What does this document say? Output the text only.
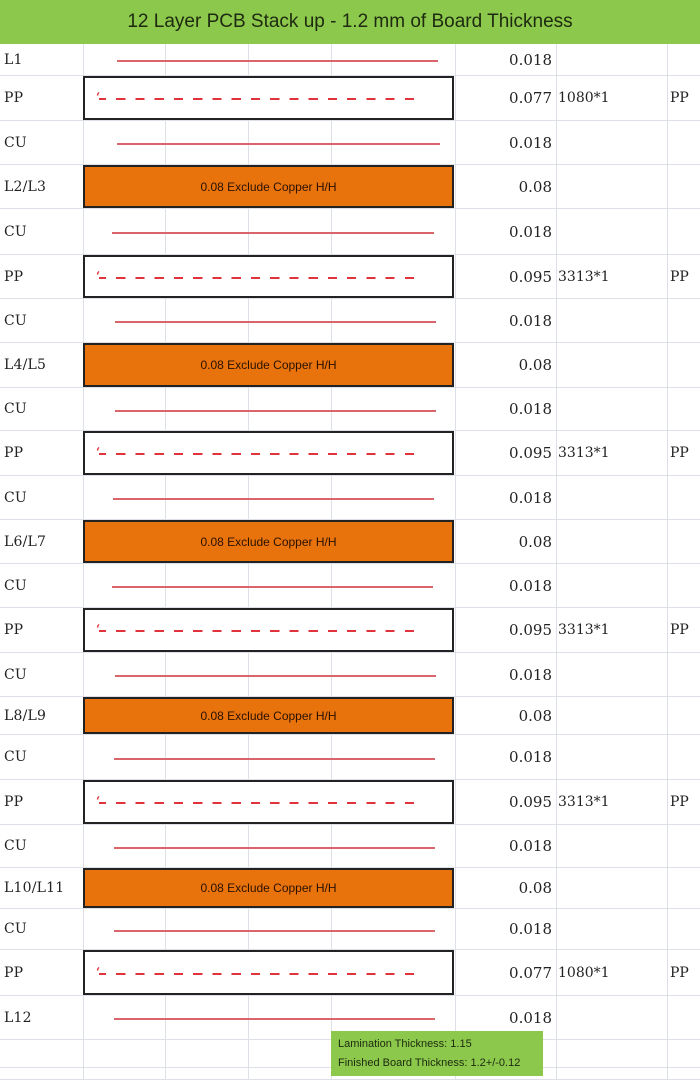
12 Layer PCB Stack up - 1.2 mm of Board Thickness
L1	0.018
PP	‘	0.077 1080*1	PP
CU	0.018
L2/L3	0.08 Exclude Copper H/H	0.08
CU	0.018
PP	‘	0.095 3313*1	PP
CU	0.018
L4/L5	0.08 Exclude Copper H/H	0.08
CU	0.018
PP	‘	0.095 3313*1	PP
CU	0.018
L6/L7	0.08 Exclude Copper H/H	0.08
CU	0.018
PP	‘	0.095 3313*1	PP
CU	0.018
L8/L9	0.08 Exclude Copper H/H	0.08
CU	0.018
PP	‘	0.095 3313*1	PP
CU	0.018
L10/L11	0.08 Exclude Copper H/H	0.08
CU	0.018
PP	‘	0.077 1080*1	PP
L12	0.018
Lamination Thickness: 1.15
Finished Board Thickness: 1.2+/-0.12
